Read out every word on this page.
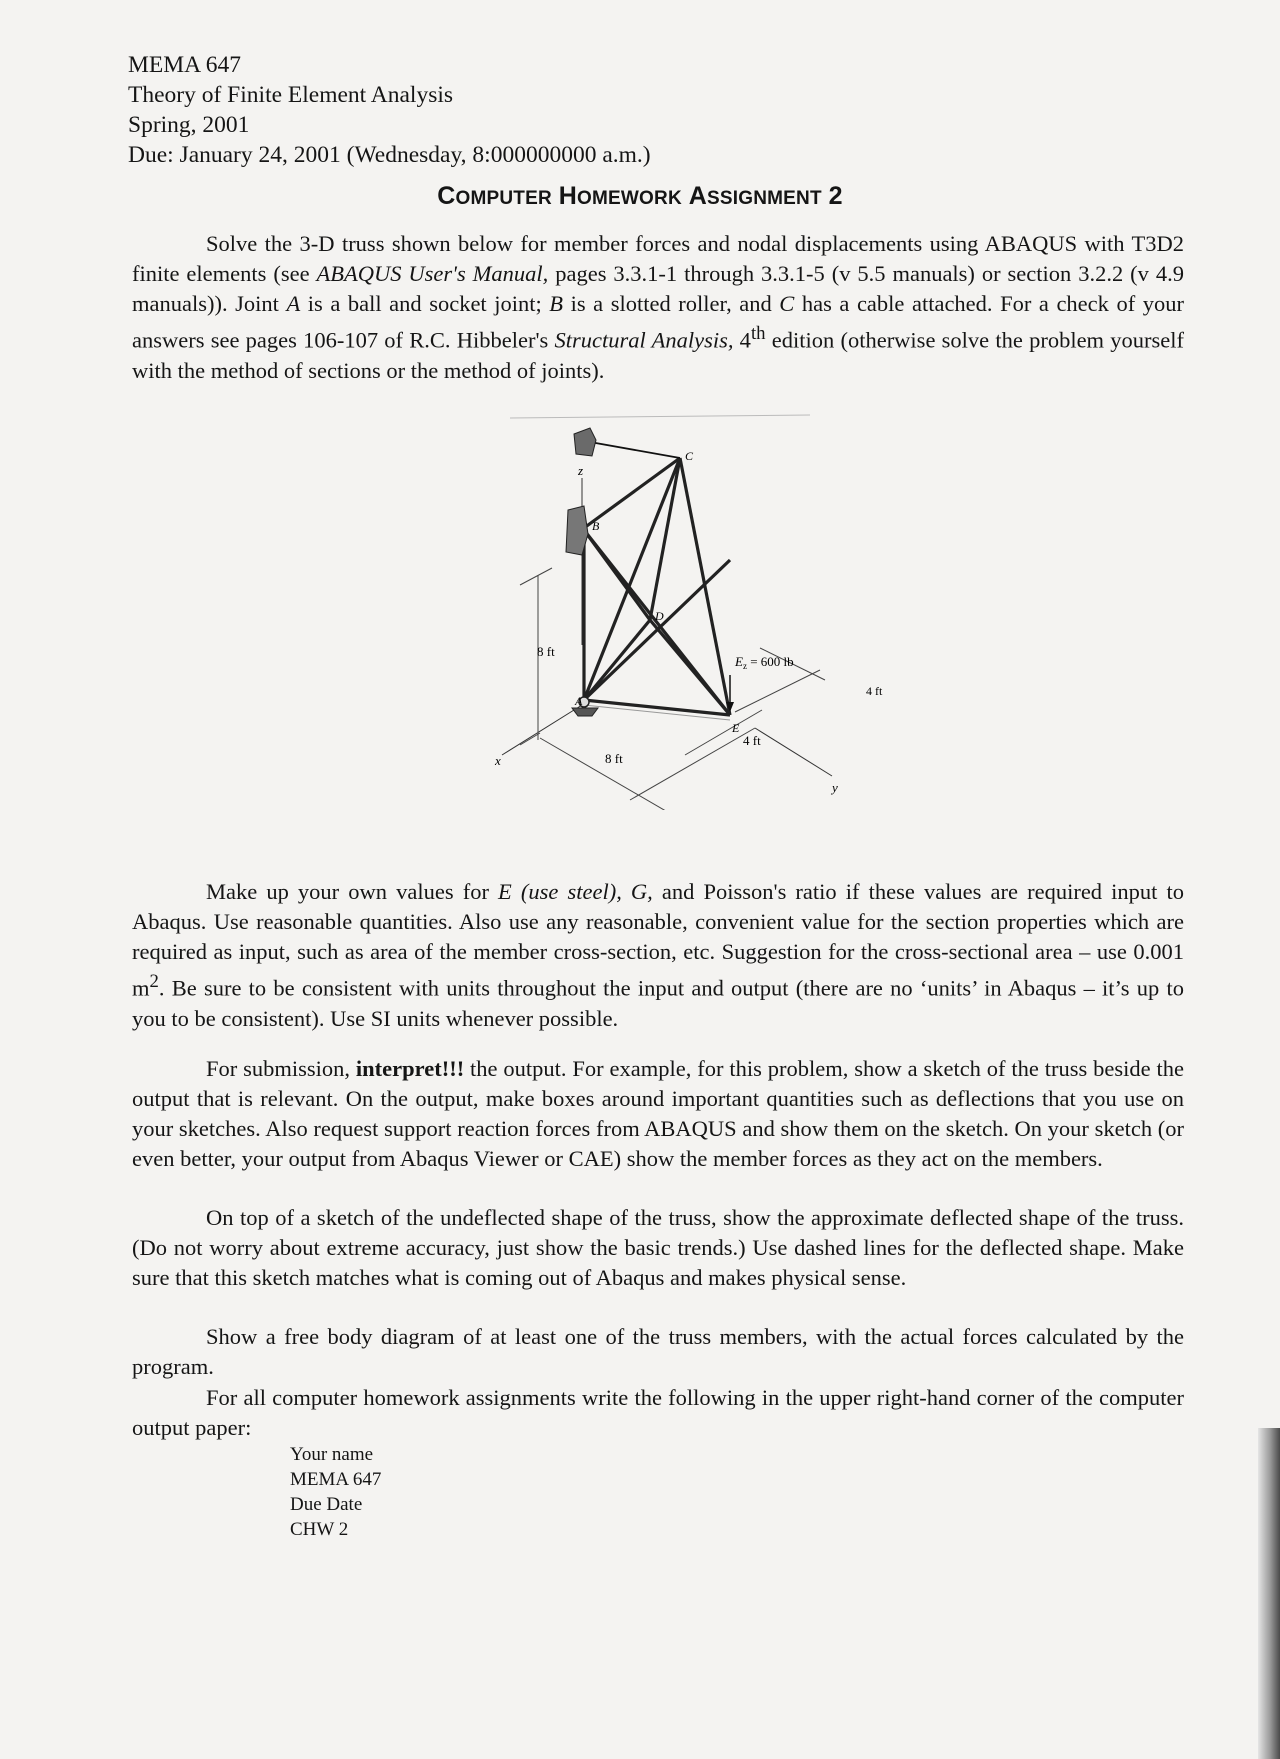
MEMA 647
Theory of Finite Element Analysis
Spring, 2001
Due: January 24, 2001 (Wednesday, 8:000000000 a.m.)
COMPUTER HOMEWORK ASSIGNMENT 2

Solve the 3-D truss shown below for member forces and nodal displacements using ABAQUS with T3D2 finite elements (see ABAQUS User's Manual, pages 3.3.1-1 through 3.3.1-5 (v 5.5 manuals) or section 3.2.2 (v 4.9 manuals)). Joint A is a ball and socket joint; B is a slotted roller, and C has a cable attached. For a check of your answers see pages 106-107 of R.C. Hibbeler's Structural Analysis, 4th edition (otherwise solve the problem yourself with the method of sections or the method of joints).

z
x
y
8 ft
8 ft
4 ft
4 ft
A
B
C
D
E
$E_z = 600$ lb

Make up your own values for E (use steel), G, and Poisson's ratio if these values are required input to Abaqus. Use reasonable quantities. Also use any reasonable, convenient value for the section properties which are required as input, such as area of the member cross-section, etc. Suggestion for the cross-sectional area – use 0.001 $m^2$. Be sure to be consistent with units throughout the input and output (there are no ‘units’ in Abaqus – it’s up to you to be consistent). Use SI units whenever possible.

For submission, interpret!!! the output. For example, for this problem, show a sketch of the truss beside the output that is relevant. On the output, make boxes around important quantities such as deflections that you use on your sketches. Also request support reaction forces from ABAQUS and show them on the sketch. On your sketch (or even better, your output from Abaqus Viewer or CAE) show the member forces as they act on the members.

On top of a sketch of the undeflected shape of the truss, show the approximate deflected shape of the truss. (Do not worry about extreme accuracy, just show the basic trends.) Use dashed lines for the deflected shape. Make sure that this sketch matches what is coming out of Abaqus and makes physical sense.

Show a free body diagram of at least one of the truss members, with the actual forces calculated by the program.

For all computer homework assignments write the following in the upper right-hand corner of the computer output paper:

Your name
MEMA 647
Due Date
CHW 2
